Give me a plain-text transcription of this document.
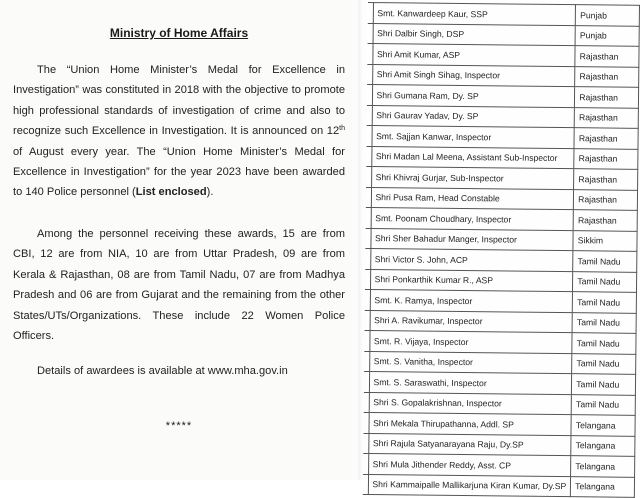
Ministry of Home Affairs
The “Union Home Minister’s Medal for Excellence in Investigation” was constituted in 2018 with the objective to promote high professional standards of investigation of crime and also to recognize such Excellence in Investigation. It is announced on 12th of August every year. The “Union Home Minister’s Medal for Excellence in Investigation” for the year 2023 have been awarded to 140 Police personnel (List enclosed).
Among the personnel receiving these awards, 15 are from CBI, 12 are from NIA, 10 are from Uttar Pradesh, 09 are from Kerala & Rajasthan, 08 are from Tamil Nadu, 07 are from Madhya Pradesh and 06 are from Gujarat and the remaining from the other States/UTs/Organizations. These include 22 Women Police Officers.
Details of awardees is available at www.mha.gov.in
*****
	Smt. Kanwardeep Kaur, SSP	Punjab
	Shri Dalbir Singh, DSP	Punjab
	Shri Amit Kumar, ASP	Rajasthan
	Shri Amit Singh Sihag, Inspector	Rajasthan
	Shri Gumana Ram, Dy. SP	Rajasthan
	Shri Gaurav Yadav, Dy. SP	Rajasthan
	Smt. Sajjan Kanwar, Inspector	Rajasthan
	Shri Madan Lal Meena, Assistant Sub-Inspector	Rajasthan
	Shri Khivraj Gurjar, Sub-Inspector	Rajasthan
	Shri Pusa Ram, Head Constable	Rajasthan
	Smt. Poonam Choudhary, Inspector	Rajasthan
	Shri Sher Bahadur Manger, Inspector	Sikkim
	Shri Victor S. John, ACP	Tamil Nadu
	Shri Ponkarthik Kumar R., ASP	Tamil Nadu
	Smt. K. Ramya, Inspector	Tamil Nadu
	Shri A. Ravikumar, Inspector	Tamil Nadu
	Smt. R. Vijaya, Inspector	Tamil Nadu
	Smt. S. Vanitha, Inspector	Tamil Nadu
	Smt. S. Saraswathi, Inspector	Tamil Nadu
	Shri S. Gopalakrishnan, Inspector	Tamil Nadu
	Shri Mekala Thirupathanna, Addl. SP	Telangana
	Shri Rajula Satyanarayana Raju, Dy.SP	Telangana
	Shri Mula Jithender Reddy, Asst. CP	Telangana
	Shri Kammaipalle Mallikarjuna Kiran Kumar, Dy.SP	Telangana
